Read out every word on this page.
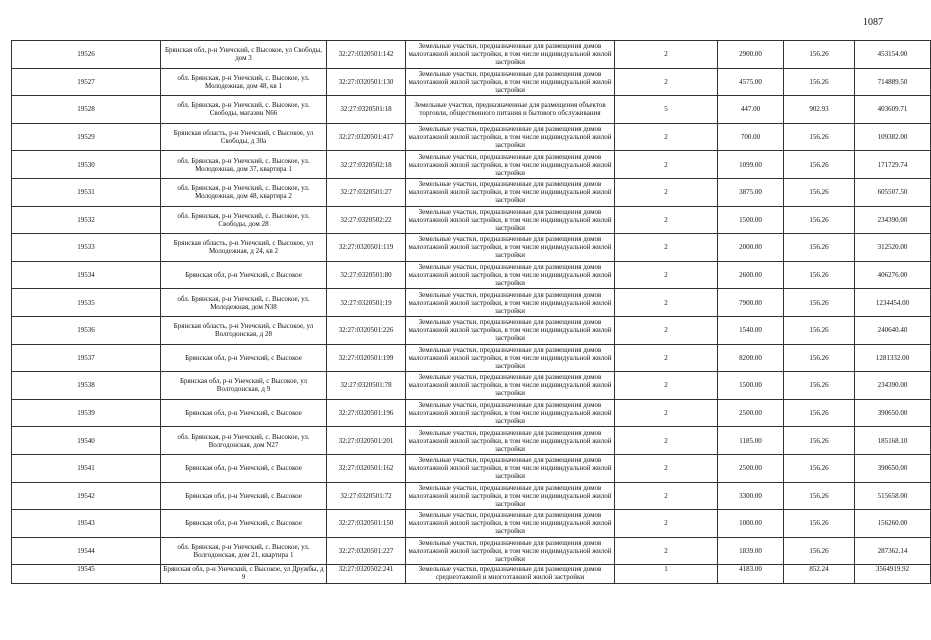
1087
19526	Брянская обл, р-н Унечский, с Высокое, ул Свободы, дом 3	32:27:0320501:142	Земельные участки, предназначенные для размещения домов малоэтажной жилой застройки, в том числе индивидуальной жилой застройки	2	2900.00	156.26	453154.00
19527	обл. Брянская, р-н Унечский, с. Высокое, ул. Молодежная, дом 48, кв 1	32:27:0320501:130	Земельные участки, предназначенные для размещения домов малоэтажной жилой застройки, в том числе индивидуальной жилой застройки	2	4575.00	156.26	714889.50
19528	обл. Брянская, р-н Унечский, с. Высокое, ул. Свободы, магазин N66	32:27:0320501:18	Земельные участки, предназначенные для размещения объектов торговли, общественного питания и бытового обслуживания	5	447.00	902.93	403609.71
19529	Брянская область, р-н Унечский, с Высокое, ул Свободы, д 30а	32:27:0320501:417	Земельные участки, предназначенные для размещения домов малоэтажной жилой застройки, в том числе индивидуальной жилой застройки	2	700.00	156.26	109382.00
19530	обл. Брянская, р-н Унечский, с. Высокое, ул. Молодежная, дом 37, квартира 1	32:27:0320502:18	Земельные участки, предназначенные для размещения домов малоэтажной жилой застройки, в том числе индивидуальной жилой застройки	2	1099.00	156.26	171729.74
19531	обл. Брянская, р-н Унечский, с. Высокое, ул. Молодежная, дом 48, квартира 2	32:27:0320501:27	Земельные участки, предназначенные для размещения домов малоэтажной жилой застройки, в том числе индивидуальной жилой застройки	2	3875.00	156.26	605507.50
19532	обл. Брянская, р-н Унечский, с. Высокое, ул. Свободы, дом 28	32:27:0320502:22	Земельные участки, предназначенные для размещения домов малоэтажной жилой застройки, в том числе индивидуальной жилой застройки	2	1500.00	156.26	234390.00
19533	Брянская область, р-н Унечский, с Высокое, ул Молодежная, д 24, кв 2	32:27:0320501:119	Земельные участки, предназначенные для размещения домов малоэтажной жилой застройки, в том числе индивидуальной жилой застройки	2	2000.00	156.26	312520.00
19534	Брянская обл, р-н Унечский, с Высокое	32:27:0320501:80	Земельные участки, предназначенные для размещения домов малоэтажной жилой застройки, в том числе индивидуальной жилой застройки	2	2600.00	156.26	406276.00
19535	обл. Брянская, р-н Унечский, с. Высокое, ул. Молодежная, дом N38	32:27:0320501:19	Земельные участки, предназначенные для размещения домов малоэтажной жилой застройки, в том числе индивидуальной жилой застройки	2	7900.00	156.26	1234454.00
19536	Брянская область, р-н Унечский, с Высокое, ул Волгодонская, д 28	32:27:0320501:226	Земельные участки, предназначенные для размещения домов малоэтажной жилой застройки, в том числе индивидуальной жилой застройки	2	1540.00	156.26	240640.40
19537	Брянская обл, р-н Унечский, с Высокое	32:27:0320501:199	Земельные участки, предназначенные для размещения домов малоэтажной жилой застройки, в том числе индивидуальной жилой застройки	2	8200.00	156.26	1281332.00
19538	Брянская обл, р-н Унечский, с Высокое, ул Волгодонская, д 9	32:27:0320501:78	Земельные участки, предназначенные для размещения домов малоэтажной жилой застройки, в том числе индивидуальной жилой застройки	2	1500.00	156.26	234390.00
19539	Брянская обл, р-н Унечский, с Высокое	32:27:0320501:196	Земельные участки, предназначенные для размещения домов малоэтажной жилой застройки, в том числе индивидуальной жилой застройки	2	2500.00	156.26	390650.00
19540	обл. Брянская, р-н Унечский, с. Высокое, ул. Волгодонская, дом N27	32:27:0320501:201	Земельные участки, предназначенные для размещения домов малоэтажной жилой застройки, в том числе индивидуальной жилой застройки	2	1185.00	156.26	185168.10
19541	Брянская обл, р-н Унечский, с Высокое	32:27:0320501:162	Земельные участки, предназначенные для размещения домов малоэтажной жилой застройки, в том числе индивидуальной жилой застройки	2	2500.00	156.26	390650.00
19542	Брянская обл, р-н Унечский, с Высокое	32:27:0320501:72	Земельные участки, предназначенные для размещения домов малоэтажной жилой застройки, в том числе индивидуальной жилой застройки	2	3300.00	156.26	515658.00
19543	Брянская обл, р-н Унечский, с Высокое	32:27:0320501:150	Земельные участки, предназначенные для размещения домов малоэтажной жилой застройки, в том числе индивидуальной жилой застройки	2	1000.00	156.26	156260.00
19544	обл. Брянская, р-н Унечский, с. Высокое, ул. Волгодонская, дом 21, квартира 1	32:27:0320501:227	Земельные участки, предназначенные для размещения домов малоэтажной жилой застройки, в том числе индивидуальной жилой застройки	2	1839.00	156.26	287362.14
19545	Брянская обл, р-н Унечский, с Высокое, ул Дружбы, д 9	32:27:0320502:241	Земельные участки, предназначенные для размещения домов среднеэтажной и многоэтажной жилой застройки	1	4183.00	852.24	3564919.92
